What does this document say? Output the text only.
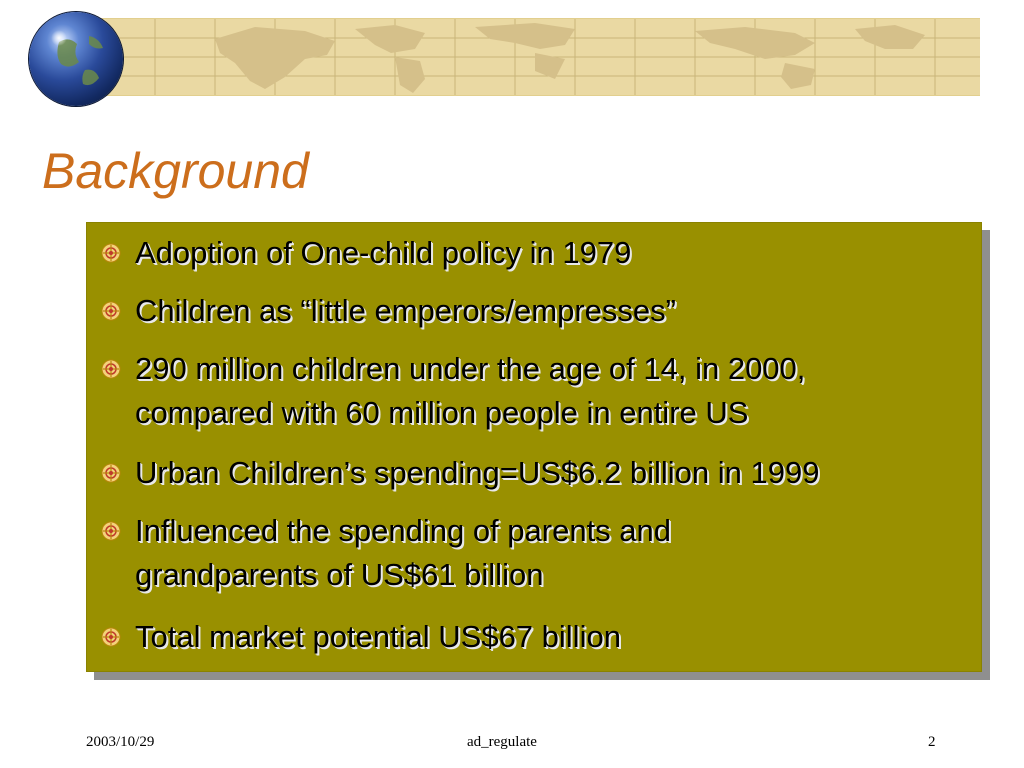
Background
Adoption of One-child policy in 1979
Children as “little emperors/empresses”
290 million children under the age of 14, in 2000,
compared with 60 million people in entire US
Urban Children’s spending=US$6.2 billion in 1999
Influenced the spending of parents and
grandparents of US$61 billion
Total market potential US$67 billion
2003/10/29	ad_regulate	2
